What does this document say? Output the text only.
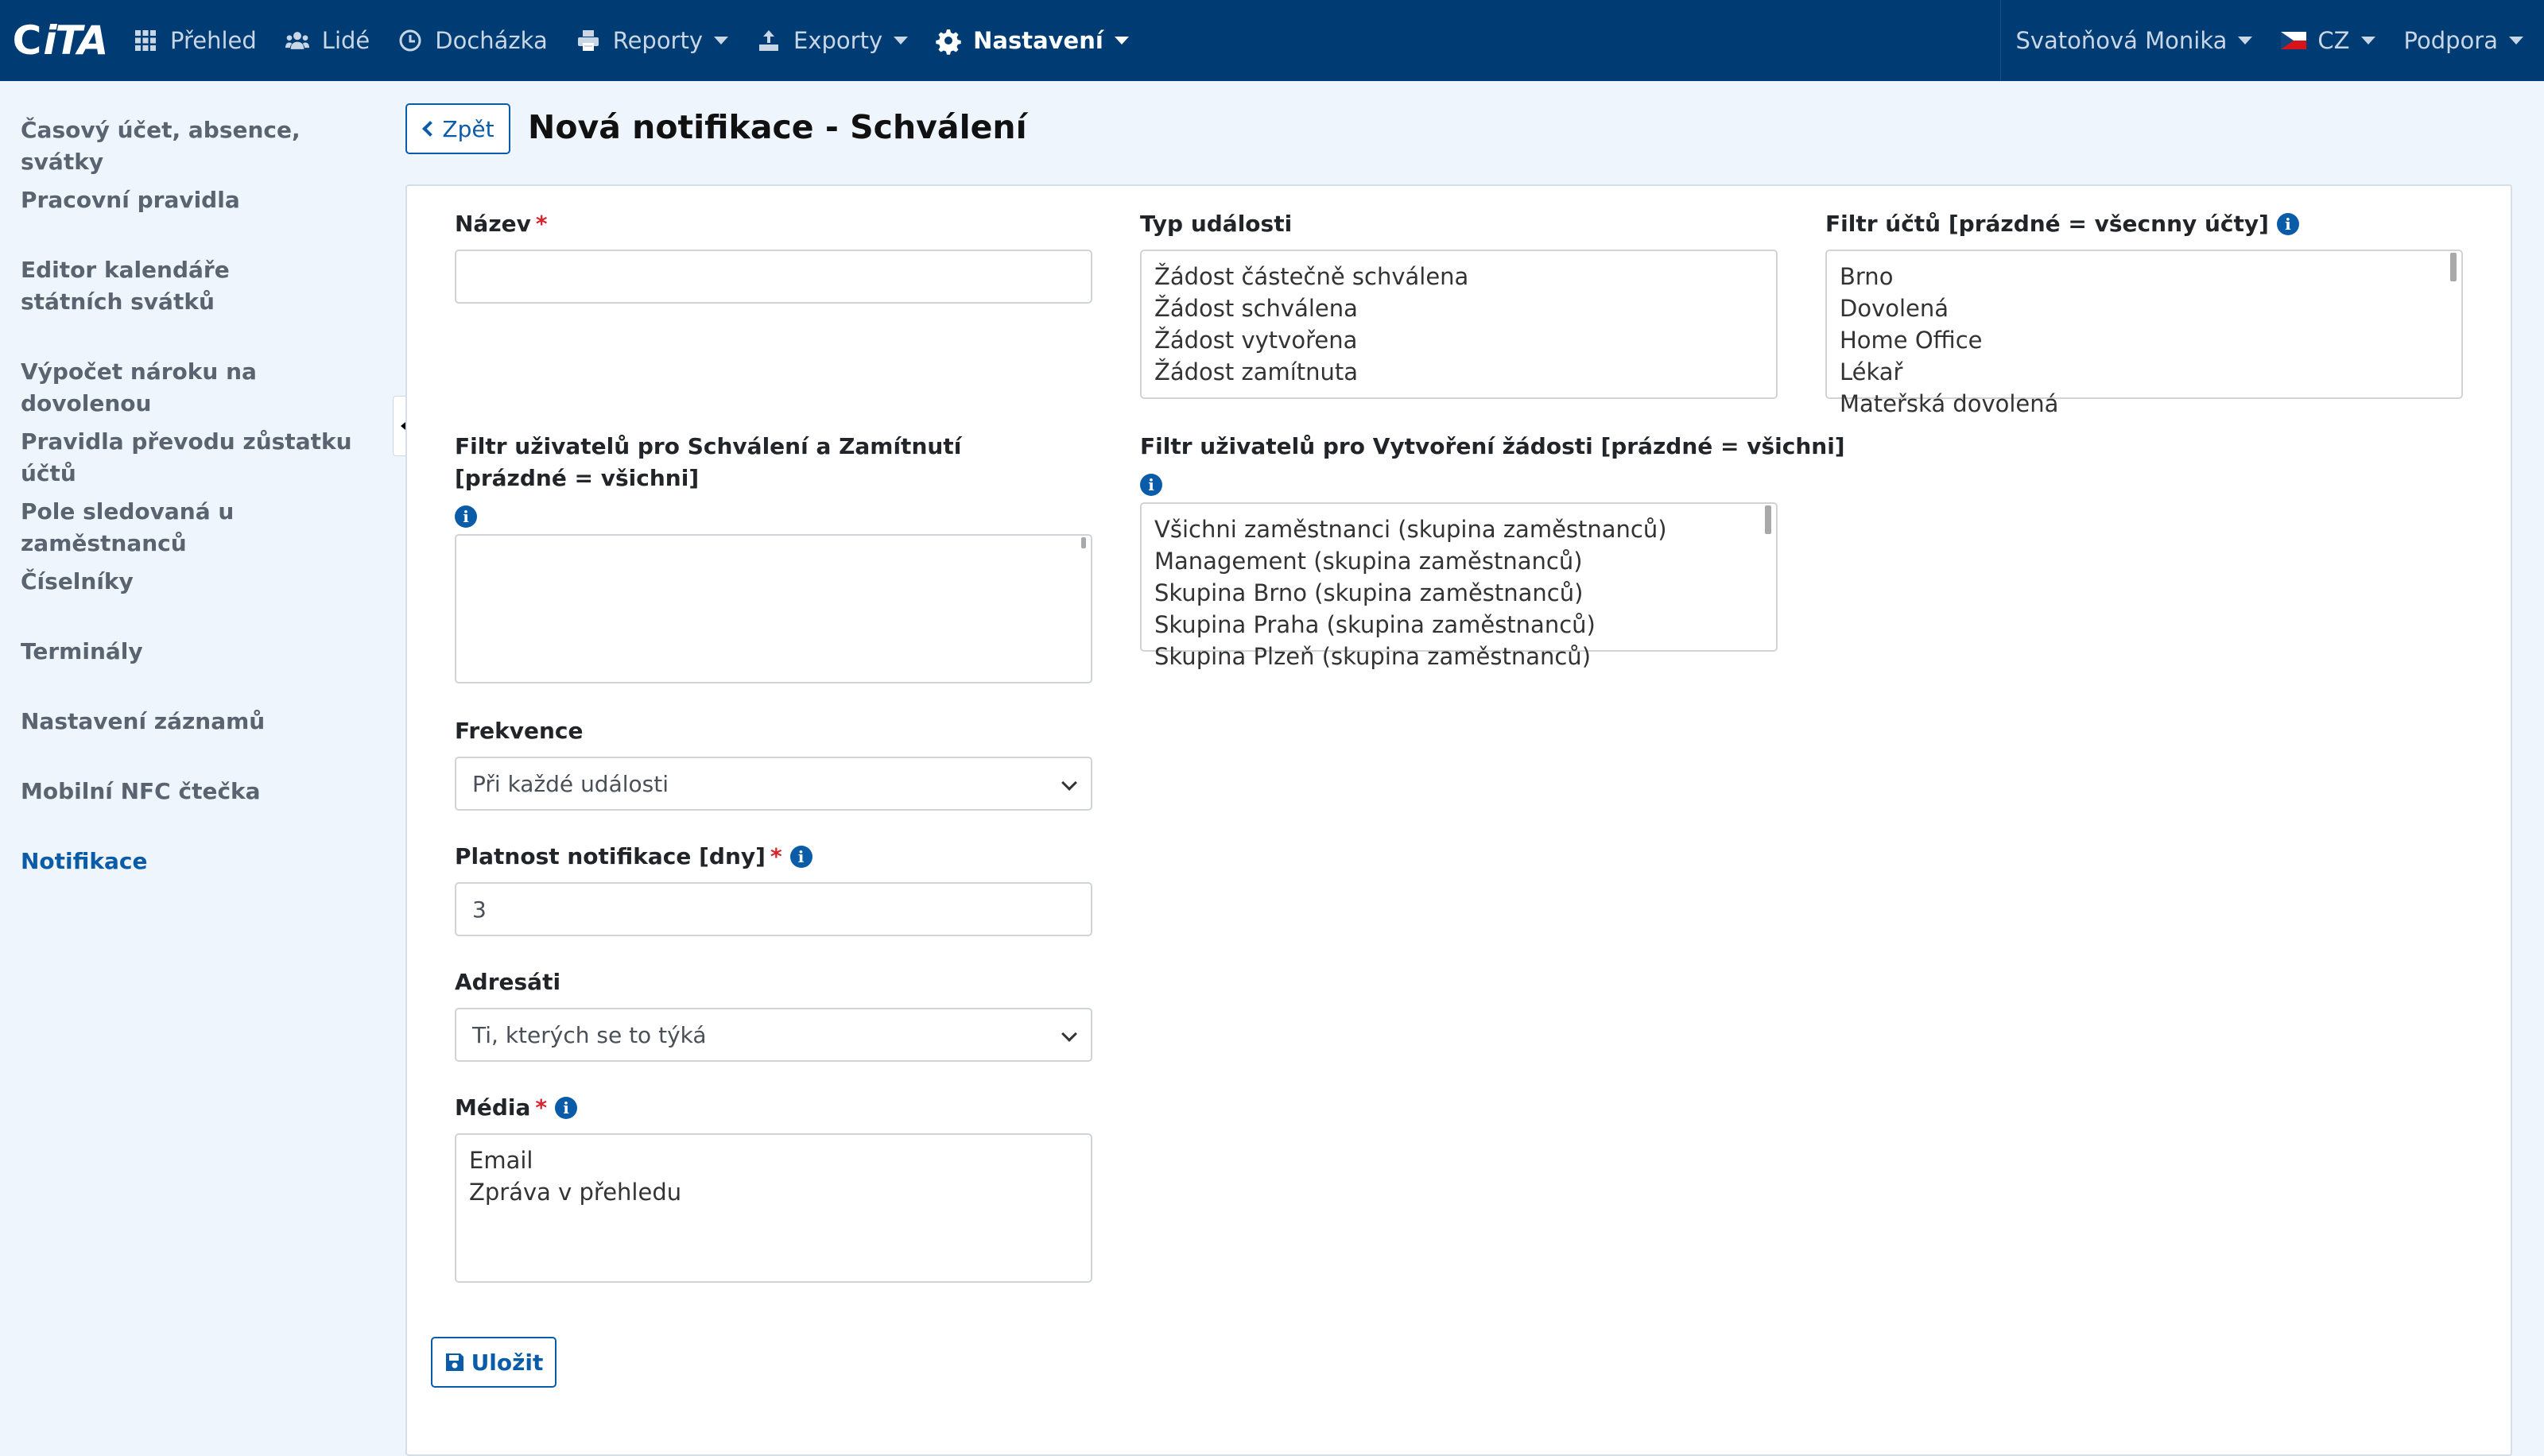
C iTA	Přehled	Lidé	Docházka	Reporty	Exporty	Nastavení	Svatoňová Monika	CZ Podpora
Časový účet, absence, svátky
Pracovní pravidla
Editor kalendáře státních svátků
Výpočet nároku na dovolenou
Pravidla převodu zůstatku účtů
Pole sledovaná u zaměstnanců
Číselníky
Terminály
Nastavení záznamů
Mobilní NFC čtečka
Notifikace
Zpět Nová notifikace - Schválení
Název *
Filtr uživatelů pro Schválení a Zamítnutí
[prázdné = všichni]
i
Frekvence
Při každé události
Platnost notifikace [dny] * i
3
Adresáti
Ti, kterých se to týká
Média * i
Email
Zpráva v přehledu
Typ události
Žádost částečně schválena
Žádost schválena
Žádost vytvořena
Žádost zamítnuta
Filtr uživatelů pro Vytvoření žádosti [prázdné = všichni]
i
Všichni zaměstnanci (skupina zaměstnanců)
Management (skupina zaměstnanců)
Skupina Brno (skupina zaměstnanců)
Skupina Praha (skupina zaměstnanců)
Skupina Plzeň (skupina zaměstnanců)
Filtr účtů [prázdné = všecnny účty] i
Brno
Dovolená
Home Office
Lékař
Mateřská dovolená
Uložit
